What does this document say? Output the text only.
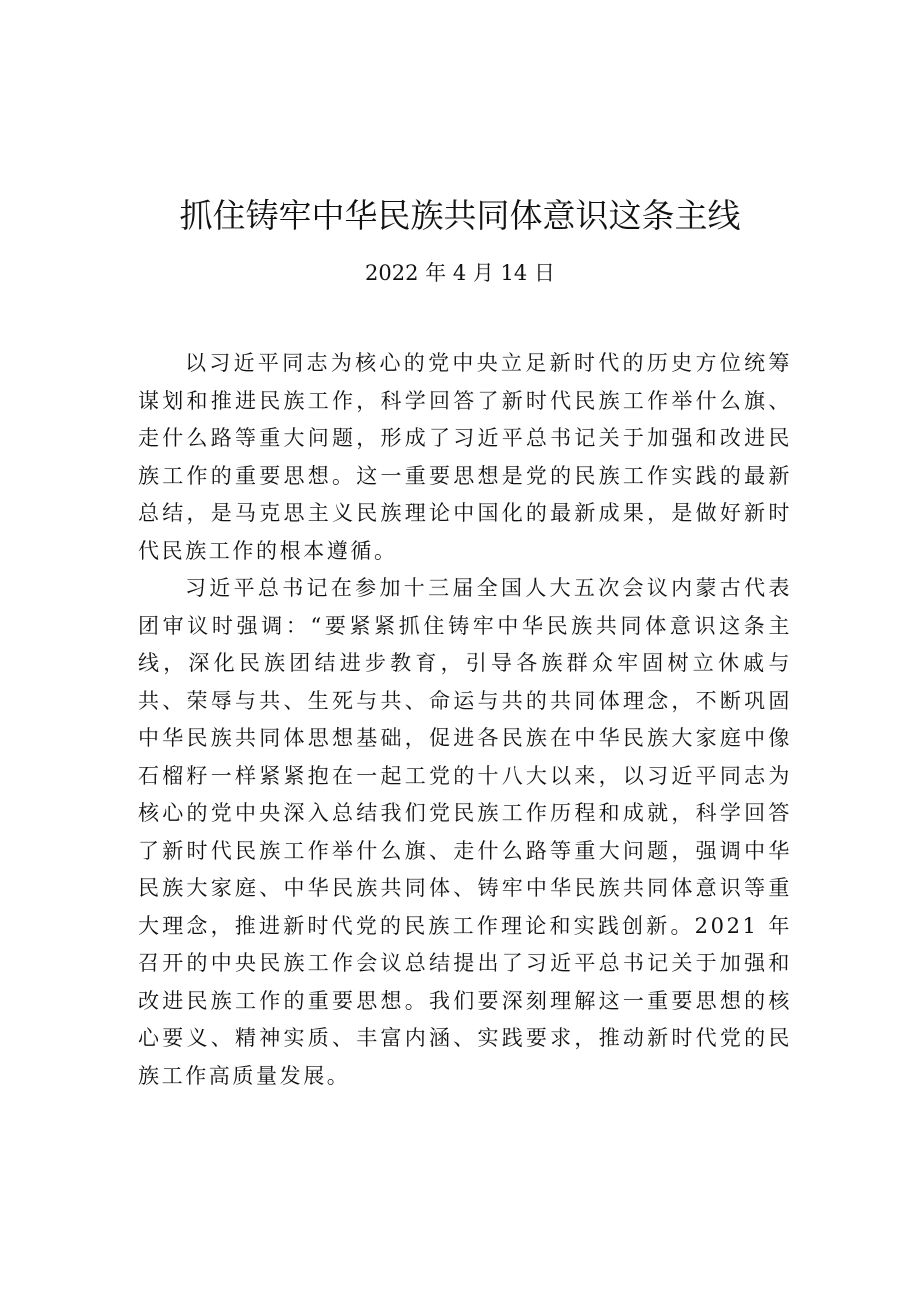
抓住铸牢中华民族共同体意识这条主线
2022 年 4 月 14 日

以习近平同志为核心的党中央立足新时代的历史方位统筹谋划和推进民族工作，科学回答了新时代民族工作举什么旗、走什么路等重大问题，形成了习近平总书记关于加强和改进民族工作的重要思想。这一重要思想是党的民族工作实践的最新总结，是马克思主义民族理论中国化的最新成果，是做好新时代民族工作的根本遵循。

习近平总书记在参加十三届全国人大五次会议内蒙古代表团审议时强调：“要紧紧抓住铸牢中华民族共同体意识这条主线，深化民族团结进步教育，引导各族群众牢固树立休戚与共、荣辱与共、生死与共、命运与共的共同体理念，不断巩固中华民族共同体思想基础，促进各民族在中华民族大家庭中像石榴籽一样紧紧抱在一起工党的十八大以来，以习近平同志为核心的党中央深入总结我们党民族工作历程和成就，科学回答了新时代民族工作举什么旗、走什么路等重大问题，强调中华民族大家庭、中华民族共同体、铸牢中华民族共同体意识等重大理念，推进新时代党的民族工作理论和实践创新。2021 年召开的中央民族工作会议总结提出了习近平总书记关于加强和改进民族工作的重要思想。我们要深刻理解这一重要思想的核心要义、精神实质、丰富内涵、实践要求，推动新时代党的民族工作高质量发展。
